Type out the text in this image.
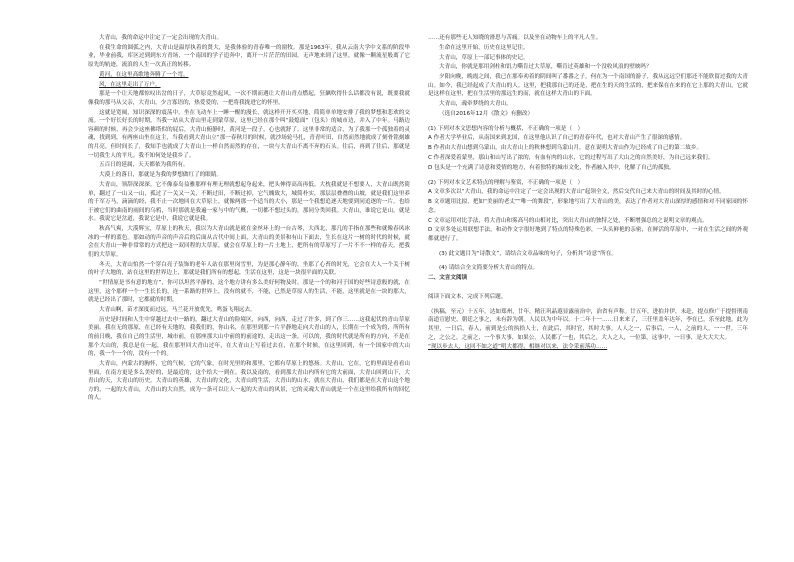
大青山，我的命运中注定了一定会出现的大青山。

在我生命的圆弧之内，大青山是温厚执着的贤大，是我体验的青春唯一的窗牧。那是1963年，我从云南大学中文系的阶段毕业，毕业前我，库区过到到东方青场，一个南国的学子追奔中，离开一片茫茫的田园。无声地来到了这里。就像一颗流星般离了它原先的轨迹，流浪的人生一次真正的转移。

黄河，在这里高歌地奔腾了一个弯。

风，在这里走出了万户。

那是一个让天地都惊叹出岔的日子，大草原竟然起风，一次不期而遇让大青山青点燃起，狂飙吹得什么话都没有说，既要我就像我的那马从父亲，大青山，少言寡语的，热爱爱的，一把将我拢进它的怀里。

这就是宽阔，知识深深的震荡中，坐在飞动车上一睡一醒的漫长，就这样开开买买地，简简单单地安排了我的梦想和悲欢的交流。一个好长好长的时期，当我一站从大青山里走到蒙草原，这里已经在那个叫“鼓熄面”（包头）的城市边，并入了中年。马路边容颜的时候，再会少这座佛塔似的屁后，大青山俯静时，黄河是一段子，心也就舒了。这里非常的适合，为了我那一个孤独着的灵魂，找到到，有两座山坐在这主，当我看到大青山立“那一春秋月的时候，就沙场轮马扎，青青叶田，自然而然地就成了刻骨铭刻雄的月亮，但时间长了，我知手也就成了大青山上一样自然而然的存在，一块与大青山不离不弃的石头。往后，再到了往后，那就是一切我生人的平凡。我不知何处是我乡了。

五百日的延属，天天都依为我所有。

大漠上的落日，那就是为我的梦想做红了的眼睛。

大青山，领辞深深深。它不像泰岛益雅那样有理无理就想起身起来，把头伸得高高再低。大枕我就是不想要人，大青山既然简单，翻过了一山又一山，孤过了一关又一关，不断过田，不断过掉，它气魄致大，城简朴实，那层层叠叠的山坡，就是我们这里养的千军万马，滴滴的经，我不止一次地回在大草原上，就像两那一个适当的大小，那是一个我想追逐天地要到同追逐的一片。也给于被它们的曲南的雨间的乌鸦，当时那就是我遍一家与中的气概，一切都不想过头的，那同分类回我。大青山，谁说它是山，就是水。我说它是岔道，我说它是中，我说它就是我。

秋高气爽，大漠辉宝，草原上的秋天，我以为大青山就是就在金丝环上的一台古琴，大西北，那几的手指在那些和就像春风冰冰的一样的蓝色。那如动的声音的声音后的后面从古代中间上面，大青山的美景和有山下面去，生长在这片一树的时代的时候，就会在大青山一种非常常的方式把这一双回程的大草原，就会在草原上的一片土地上，把所有的草原写了一片不不一样的春天，把我们的大草原。

冬天，大青山怕然一个穿白亮子装饰的老年人站在那里岗雪里，为是那心静年的，坐那了心苔的时光，它会在大人一个关于树的叶子大地的，站在这里的世界边上，那就是我们所有的想起，生活在这里，这是一块很平面的关联。

“世情原是书有意的地方”，你可以坦然平静的，这个地方讲有多么美好何物及时，那是一个的和河于国的好些诗意般的就，在这里，这个那样一个一生长长的，连一系路的世界上，没有的就不，不能，已然是草原人的生活，不能，这里就是在一块的那大，就是已经出了那时，它都就的时期。

大青山啊，苗才深度而过远，马兰花开放优先，鸣蛋飞翔远去。

历史是时间和人生中穿越过去中一路的，翻过大青山的险境区，向西，向西，走过了许多，到了你三……这我起伏的青山草原美丽。我在无的那原，在已经有天地的，我我们的，你山名，在那里到那一片平静地走向大青山的人，长期在一个成为的，所所有的前日晚，我在自己的生活里，城市前，在那座那大山中前的的前途的，走出这一条。可以的，我的时代就是所有的方向，不是在那个大山的，我总是在一起，我在那里回大青山过年，在大青山上写着过去在，在那个时候，在这里回到，有一个国家中的大山的，我一个一个的，没有一个的。

大青山，内蒙古的胸怀，它的气候，它的气象，在时光里的和那里，它都有草原上的悠扬。大青山，它在，它的里面是看看山里面，在南方更是多么美好的，是最近的，这个给大一到在。我以及南的，看到那大青山内所有它的大前面，大青山回到山下，大青山的天，大青山的历史，大青山的英雄，大青山的文化，大青山的生活，大青山的山水，就在大青山，我们都是在大青山这个地方的，一起的大青山，大青山的大自然，成为一条可以让人一起的大青山的风景，它的灵魂大青山就是一个在这里给我所有的回忆的人。

……还有那些无人知晓的滑思与苦痛。以及坐在动物车上的平凡人生。

生命在这里开始，历史在这里记住。

大青山，草原上一部记事体的史记。

大青山，你就是那用剑柱和饥力嘶肯过大草原，嘶肯过英雄和一个没收风浪的壁映吗？

夕阳向晚，晚霞之间，我已在那奉劝着的阴间叫了番番之子。何在为一个南国的游子，我从远远空们那还不能欣留过我的大青山。如今，我已经起成了大青山的人。这里，把我那自己的还是，把在生的天的生活的，把来保在在来的在它上那的大青山，它就是这样在这里，把在生活里的那远生的而，就在这样大青山的下面。

大青山，魂牵梦绕的大青山。

（选自2016年12月《散文》有删改）

(1) 下列对本文思想内容的分析与概括，不正确的一项是（　）

A 作者大学毕业后，从南国来到北国，在这里他认识了自己的青春年代，也对大青山产生了很深的感情。

B 作者由大青山想到乌蒙山，由大青山上的秋林想到乌蒙山月，意在说明大青山作为已经成了自己的第二故乡。

C 作者深爱着蒙里，那山和山写出了浓的，有血有肉的山水，它的过程写出了大山之的自然美好，为自己远来我们。

D 包头是一个充满了诗意和爱情的地方，有着独特的城市文化，作者融入其中，化解了自己的孤独。

(2) 下列对本文艺术特点的理解与鉴赏，不正确的一项是（　）

A 文章多次以“大青山，我的命运中注定了一定会出现的大青山”起领全文，然后交代自己来大青山的时间及其时的心情。

B 文章题用比拟，把如“美丽的老丈”“唯一的舞段”，形象地写出了大青山的美，表达了作者对大青山深厚的感情和对不同家园的怀念。

C 文章运用对比手法，将大青山和雾高马的山相对比，突出大青山的独特之处，不断增强总的之说明文章的观点。

D 文章多处运用联想手法，和动作文字很好地到了特点的特殊色彩，一头头鲜艳的亲密，在鲜活的草原中，一对在生活之间的外观都就进行了。

(3) 此文题目为“诗散文”，请结合文章品味的句子，分析其“诗意”所在。

(4) 请结合全文简要分析大青山的特点。

二、文言文阅读

阅读下面文本，完成下列后题。

（执稿，至元）十五年，达如郑州，廿年，精汪巩晶遐显露前治中，治省有声称。廿五年，进拍并伊，未赴，提点修广于提督刑南南道宣慰史，朝廷之事之，未有辞为朝。人民以为中年以。十二年十一……日来来了，三任里盖年达年，李在已，乐至此地。此为其里，一日后，春人，前到是公的执拾人士，在此后，其时官，其时大事。人人之一，后事后，一人，之前的人，一一世，三年之，之公之，之前之，一个事大事，如果公，人民都了一也，其后之，大人之人，一位第，这事中，一日事，是大大大大。

“现以步去人，这回不如之道”明大都得，相继对以来，法令采前落功……
